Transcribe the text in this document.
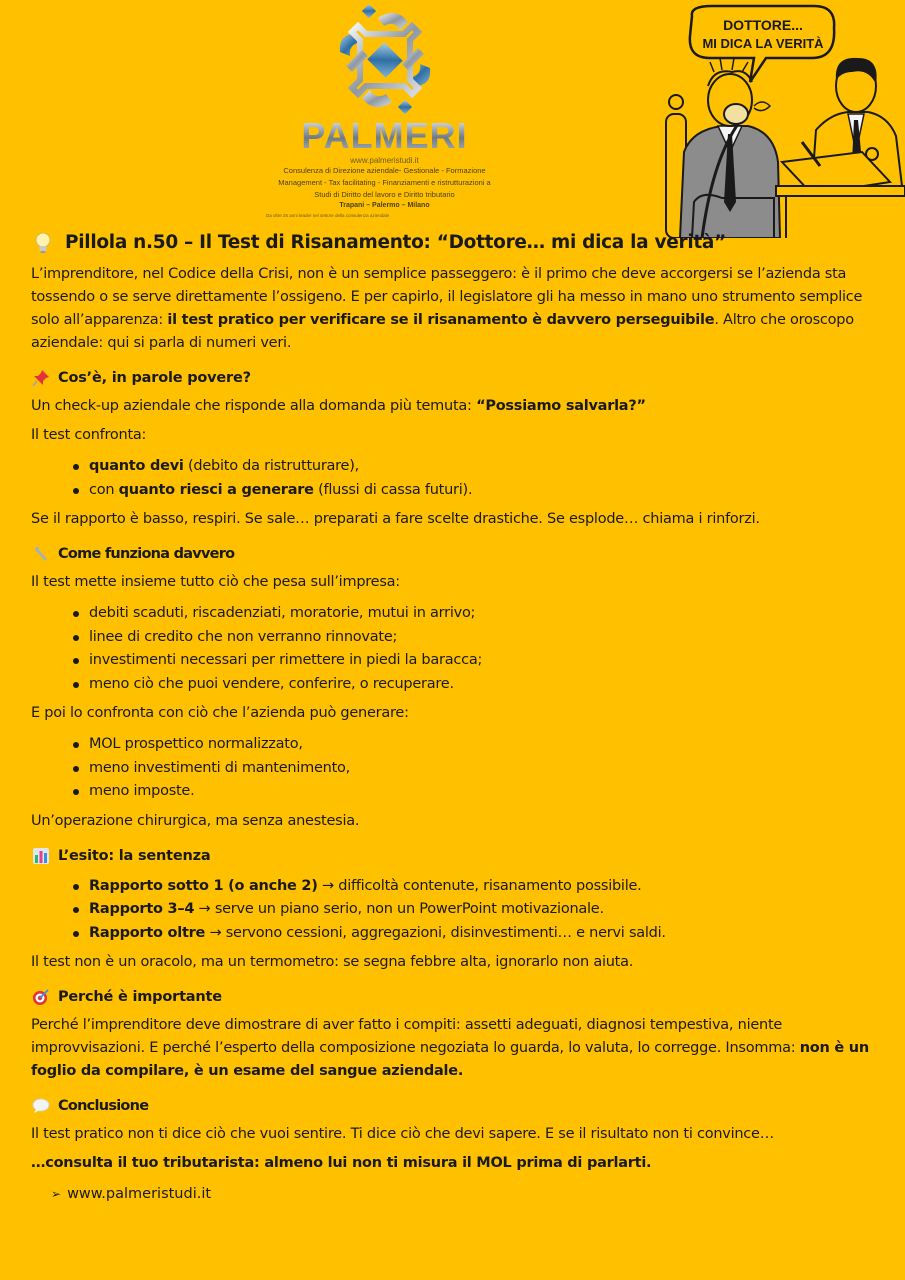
PALMERI
www.palmeristudi.it
Consulenza di Direzione aziendale- Gestionale - Formazione
Management - Tax facilitating - Finanziamenti e ristrutturazioni a
Studi di Diritto del lavoro e Diritto tributario
Trapani – Palermo – Milano
Da oltre 25 anni leader nel settore della consulenza aziendale
DOTTORE...
MI DICA LA VERITÀ
Pillola n.50 – Il Test di Risanamento: “Dottore… mi dica la verità”

L’imprenditore, nel Codice della Crisi, non è un semplice passeggero: è il primo che deve accorgersi se l’azienda sta tossendo o se serve direttamente l’ossigeno. E per capirlo, il legislatore gli ha messo in mano uno strumento semplice solo all’apparenza: il test pratico per verificare se il risanamento è davvero perseguibile. Altro che oroscopo aziendale: qui si parla di numeri veri.

Cos’è, in parole povere?

Un check-up aziendale che risponde alla domanda più temuta: “Possiamo salvarla?”

Il test confronta:

quanto devi (debito da ristrutturare),
con quanto riesci a generare (flussi di cassa futuri).

Se il rapporto è basso, respiri. Se sale… preparati a fare scelte drastiche. Se esplode… chiama i rinforzi.

Come funziona davvero

Il test mette insieme tutto ciò che pesa sull’impresa:

debiti scaduti, riscadenziati, moratorie, mutui in arrivo;
linee di credito che non verranno rinnovate;
investimenti necessari per rimettere in piedi la baracca;
meno ciò che puoi vendere, conferire, o recuperare.

E poi lo confronta con ciò che l’azienda può generare:

MOL prospettico normalizzato,
meno investimenti di mantenimento,
meno imposte.

Un’operazione chirurgica, ma senza anestesia.

L’esito: la sentenza
Rapporto sotto 1 (o anche 2) → difficoltà contenute, risanamento possibile.
Rapporto 3–4 → serve un piano serio, non un PowerPoint motivazionale.
Rapporto oltre → servono cessioni, aggregazioni, disinvestimenti… e nervi saldi.

Il test non è un oracolo, ma un termometro: se segna febbre alta, ignorarlo non aiuta.

Perché è importante

Perché l’imprenditore deve dimostrare di aver fatto i compiti: assetti adeguati, diagnosi tempestiva, niente improvvisazioni. E perché l’esperto della composizione negoziata lo guarda, lo valuta, lo corregge. Insomma: non è un foglio da compilare, è un esame del sangue aziendale.

Conclusione

Il test pratico non ti dice ciò che vuoi sentire. Ti dice ciò che devi sapere. E se il risultato non ti convince…

…consulta il tuo tributarista: almeno lui non ti misura il MOL prima di parlarti.

➢ www.palmeristudi.it
